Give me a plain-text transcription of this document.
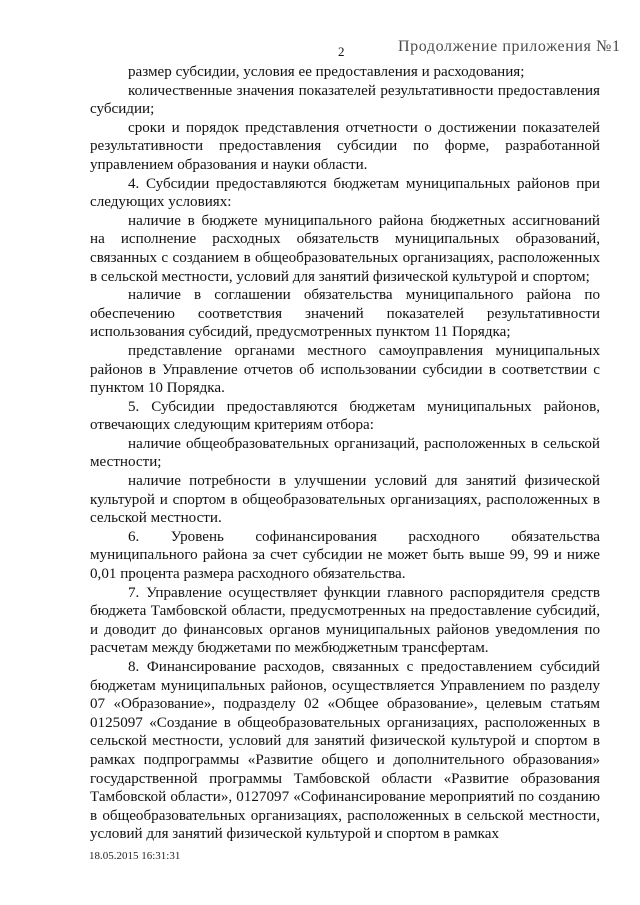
2	Продолжение приложения №1

размер субсидии, условия ее предоставления и расходования;

количественные значения показателей результативности предоставления субсидии;

сроки и порядок представления отчетности о достижении показателей результативности предоставления субсидии по форме, разработанной управлением образования и науки области.

4. Субсидии предоставляются бюджетам муниципальных районов при следующих условиях:

наличие в бюджете муниципального района бюджетных ассигнований на исполнение расходных обязательств муниципальных образований, связанных с созданием в общеобразовательных организациях, расположенных в сельской местности, условий для занятий физической культурой и спортом;

наличие в соглашении обязательства муниципального района по обеспечению соответствия значений показателей результативности использования субсидий, предусмотренных пунктом 11 Порядка;

представление органами местного самоуправления муниципальных районов в Управление отчетов об использовании субсидии в соответствии с пунктом 10 Порядка.

5. Субсидии предоставляются бюджетам муниципальных районов, отвечающих следующим критериям отбора:

наличие общеобразовательных организаций, расположенных в сельской местности;

наличие потребности в улучшении условий для занятий физической культурой и спортом в общеобразовательных организациях, расположенных в сельской местности.

6. Уровень софинансирования расходного обязательства муниципального района за счет субсидии не может быть выше 99, 99 и ниже 0,01 процента размера расходного обязательства.

7. Управление осуществляет функции главного распорядителя средств бюджета Тамбовской области, предусмотренных на предоставление субсидий, и доводит до финансовых органов муниципальных районов уведомления по расчетам между бюджетами по межбюджетным трансфертам.

8. Финансирование расходов, связанных с предоставлением субсидий бюджетам муниципальных районов, осуществляется Управлением по разделу 07 «Образование», подразделу 02 «Общее образование», целевым статьям 0125097 «Создание в общеобразовательных организациях, расположенных в сельской местности, условий для занятий физической культурой и спортом в рамках подпрограммы «Развитие общего и дополнительного образования» государственной программы Тамбовской области «Развитие образования Тамбовской области», 0127097 «Софинансирование мероприятий по созданию в общеобразовательных организациях, расположенных в сельской местности, условий для занятий физической культурой и спортом в рамках

18.05.2015 16:31:31
